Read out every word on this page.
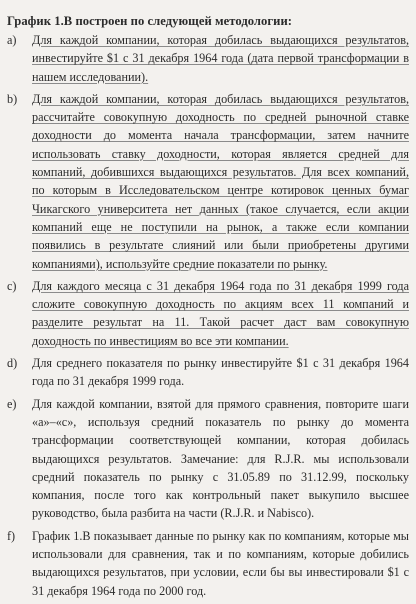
График 1.В построен по следующей методологии:
a) Для каждой компании, которая добилась выдающихся результатов, инвестируйте $1 с 31 декабря 1964 года (дата первой трансформации в нашем исследовании).
b) Для каждой компании, которая добилась выдающихся результатов, рассчитайте совокупную доходность по средней рыночной ставке доходности до момента начала трансформации, затем начните использовать ставку доходности, которая является средней для компаний, добившихся выдающихся результатов. Для всех компаний, по которым в Исследовательском центре котировок ценных бумаг Чикагского университета нет данных (такое случается, если акции компаний еще не поступили на рынок, а также если компании появились в результате слияний или были приобретены другими компаниями), используйте средние показатели по рынку.
c) Для каждого месяца с 31 декабря 1964 года по 31 декабря 1999 года сложите совокупную доходность по акциям всех 11 компаний и разделите результат на 11. Такой расчет даст вам совокупную доходность по инвестициям во все эти компании.
d) Для среднего показателя по рынку инвестируйте $1 с 31 декабря 1964 года по 31 декабря 1999 года.
e) Для каждой компании, взятой для прямого сравнения, повторите шаги «a»–«c», используя средний показатель по рынку до момента трансформации соответствующей компании, которая добилась выдающихся результатов. Замечание: для R.J.R. мы использовали средний показатель по рынку с 31.05.89 по 31.12.99, поскольку компания, после того как контрольный пакет выкупило высшее руководство, была разбита на части (R.J.R. и Nabisco).
f) График 1.В показывает данные по рынку как по компаниям, которые мы использовали для сравнения, так и по компаниям, которые добились выдающихся результатов, при условии, если бы вы инвестировали $1 с 31 декабря 1964 года по 2000 год.
